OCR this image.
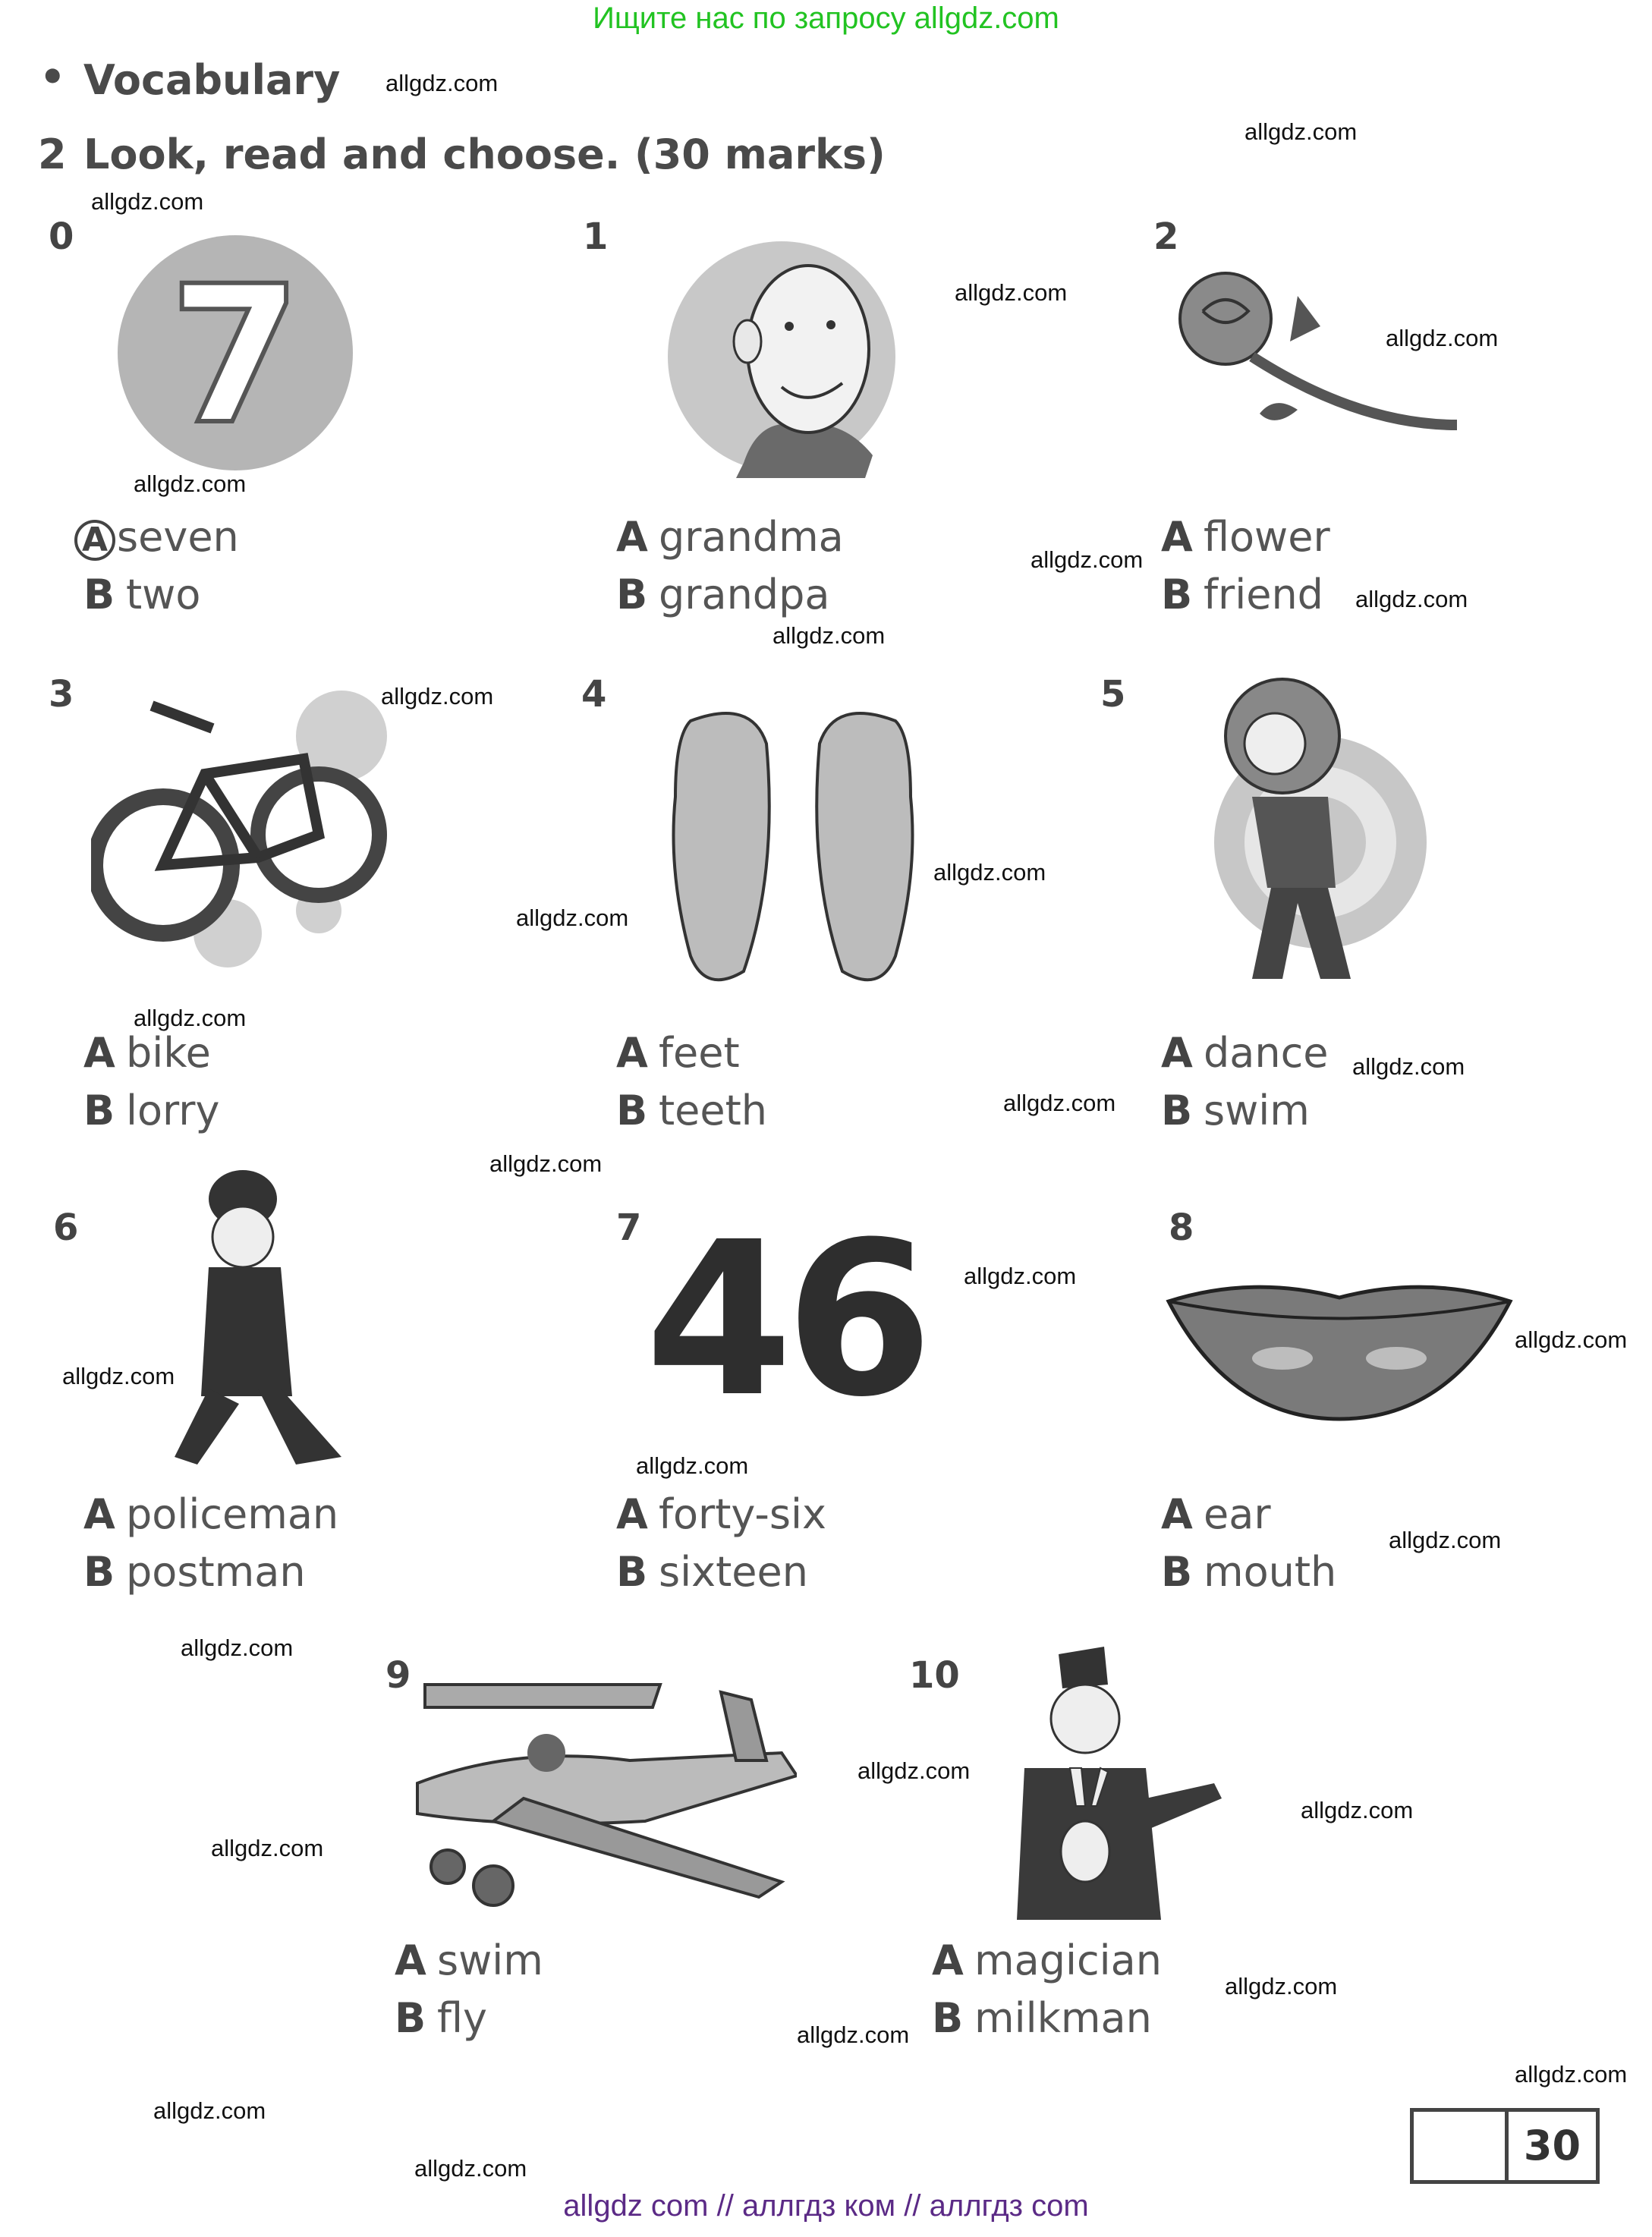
Ищите нас по запросу allgdz.com
allgdz com // аллгдз ком // аллгдз com
• Vocabulary
2 Look, read and choose. (30 marks)
0
7
A seven
B two
1
A grandma
B grandpa
2
A flower
B friend
3
A bike
B lorry
4
A feet
B teeth
5
A dance
B swim
6
A policeman
B postman
7 46
A forty-six
B sixteen
8
A ear
B mouth
9
A swim
B fly
10
A magician
B milkman
30
allgdz.com
allgdz.com
allgdz.com
allgdz.com
allgdz.com
allgdz.com
allgdz.com
allgdz.com
allgdz.com
allgdz.com
allgdz.com
allgdz.com
allgdz.com
allgdz.com
allgdz.com
allgdz.com
allgdz.com
allgdz.com
allgdz.com
allgdz.com
allgdz.com
allgdz.com
allgdz.com
allgdz.com
allgdz.com
allgdz.com
allgdz.com
allgdz.com
allgdz.com
allgdz.com
